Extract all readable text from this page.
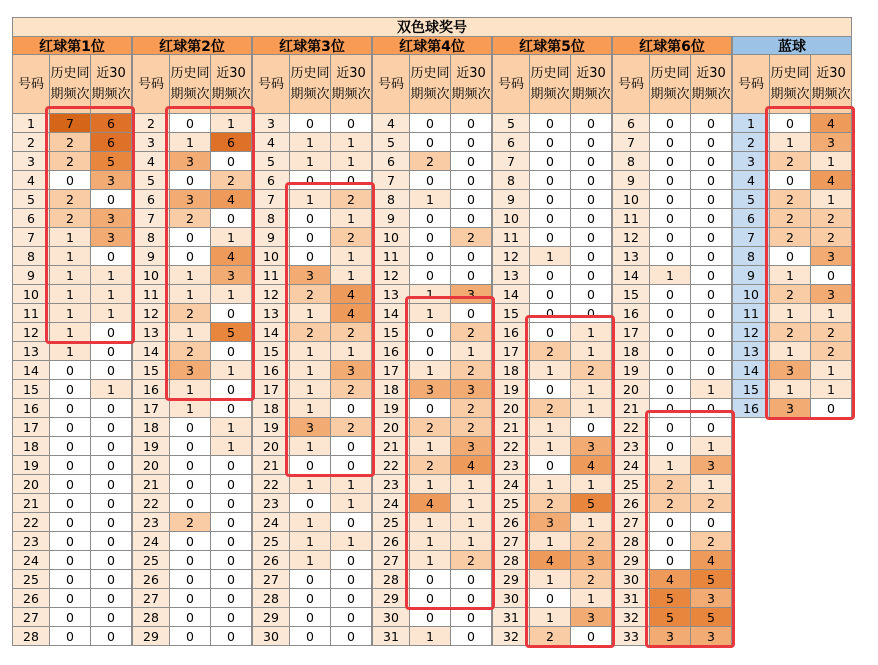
双色球奖号
红球第1位
号码
历史同期频次
近30期频次
1	7	6
2	2	6
3	2	5
4	0	3
5	2	0
6	2	3
7	1	3
8	1	0
9	1	1
10	1	1
11	1	1
12	1	0
13	1	0
14	0	0
15	0	1
16	0	0
17	0	0
18	0	0
19	0	0
20	0	0
21	0	0
22	0	0
23	0	0
24	0	0
25	0	0
26	0	0
27	0	0
28	0	0
红球第2位
号码
历史同期频次
近30期频次
2	0	1
3	1	6
4	3	0
5	0	2
6	3	4
7	2	0
8	0	1
9	0	4
10	1	3
11	1	1
12	2	0
13	1	5
14	2	0
15	3	1
16	1	0
17	1	0
18	0	1
19	0	1
20	0	0
21	0	0
22	0	0
23	2	0
24	0	0
25	0	0
26	0	0
27	0	0
28	0	0
29	0	0
红球第3位
号码
历史同期频次
近30期频次
3	0	0
4	1	1
5	1	1
6	0	0
7	1	2
8	0	1
9	0	2
10	0	1
11	3	1
12	2	4
13	1	4
14	2	2
15	1	1
16	1	3
17	1	2
18	1	0
19	3	2
20	1	0
21	0	0
22	1	1
23	0	1
24	1	0
25	1	1
26	1	0
27	0	0
28	0	0
29	0	0
30	0	0
红球第4位
号码
历史同期频次
近30期频次
4	0	0
5	0	0
6	2	0
7	0	0
8	1	0
9	0	0
10	0	2
11	0	0
12	0	0
13	1	3
14	1	0
15	0	2
16	0	1
17	1	2
18	3	3
19	0	2
20	2	2
21	1	3
22	2	4
23	1	1
24	4	1
25	1	1
26	1	1
27	1	2
28	0	0
29	0	0
30	0	0
31	1	0
红球第5位
号码
历史同期频次
近30期频次
5	0	0
6	0	0
7	0	0
8	0	0
9	0	0
10	0	0
11	0	0
12	1	0
13	0	0
14	0	0
15	0	0
16	0	1
17	2	1
18	1	2
19	0	1
20	2	1
21	1	0
22	1	3
23	0	4
24	1	1
25	2	5
26	3	1
27	1	2
28	4	3
29	1	2
30	0	1
31	1	3
32	2	0
红球第6位
号码
历史同期频次
近30期频次
6	0	0
7	0	0
8	0	0
9	0	0
10	0	0
11	0	0
12	0	0
13	0	0
14	1	0
15	0	0
16	0	0
17	0	0
18	0	0
19	0	0
20	0	1
21	0	0
22	0	0
23	0	1
24	1	3
25	2	1
26	2	2
27	0	0
28	0	2
29	0	4
30	4	5
31	5	3
32	5	5
33	3	3
蓝球
号码
历史同期频次
近30期频次
1	0	4
2	1	3
3	2	1
4	0	4
5	2	1
6	2	2
7	2	2
8	0	3
9	1	0
10	2	3
11	1	1
12	2	2
13	1	2
14	3	1
15	1	1
16	3	0
